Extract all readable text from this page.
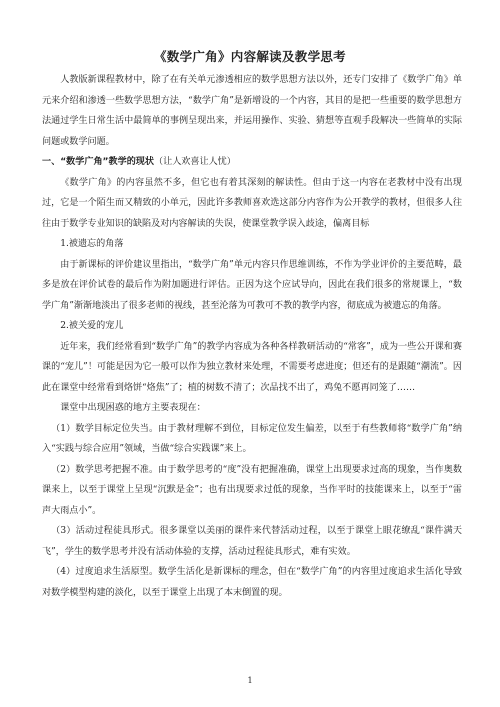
《数学广角》内容解读及教学思考

人教版新课程教材中，除了在有关单元渗透相应的数学思想方法以外，还专门安排了《数学广角》单元来介绍和渗透一些数学思想方法，“数学广角”是新增设的一个内容，其目的是把一些重要的数学思想方法通过学生日常生活中最简单的事例呈现出来，并运用操作、实验、猜想等直观手段解决一些简单的实际问题或数学问题。

一、“数学广角”教学的现状（让人欢喜让人忧）

《数学广角》的内容虽然不多，但它也有着其深刻的解读性。但由于这一内容在老教材中没有出现过，它是一个陌生而又精致的小单元，因此许多教师喜欢选这部分内容作为公开教学的教材，但很多人往往由于数学专业知识的缺陷及对内容解读的失误，使课堂教学误入歧途，偏离目标

1.被遗忘的角落

由于新课标的评价建议里指出，“数学广角”单元内容只作思维训练，不作为学业评价的主要范畴，最多是放在评价试卷的最后作为附加题进行评估。正因为这个应试导向，因此在我们很多的常规课上，“数学广角”渐渐地淡出了很多老师的视线，甚至沦落为可教可不教的教学内容，彻底成为被遗忘的角落。

2.被关爱的宠儿

近年来，我们经常看到“数学广角”的教学内容成为各种各样教研活动的“常客”，成为一些公开课和赛课的“宠儿”！可能是因为它一般可以作为独立教材来处理，不需要考虑进度；但还有的是跟随“潮流”。因此在课堂中经常看到烙饼“烙焦”了；植的树数不清了；次品找不出了，鸡兔不愿再同笼了……

课堂中出现困惑的地方主要表现在：

（1）数学目标定位失当。由于教材理解不到位，目标定位发生偏差，以至于有些教师将“数学广角”纳入“实践与综合应用”领域，当做“综合实践课”来上。

（2）数学思考把握不准。由于数学思考的“度”没有把握准确，课堂上出现要求过高的现象，当作奥数课来上，以至于课堂上呈现“沉默是金”；也有出现要求过低的现象，当作平时的技能课来上，以至于“雷声大雨点小”。

（3）活动过程徒具形式。很多课堂以美丽的课件来代替活动过程，以至于课堂上眼花缭乱“课件满天飞”，学生的数学思考并没有活动体验的支撑，活动过程徒具形式，难有实效。

（4）过度追求生活原型。数学生活化是新课标的理念，但在“数学广角”的内容里过度追求生活化导致对数学模型构建的淡化，以至于课堂上出现了本末倒置的现。

1
